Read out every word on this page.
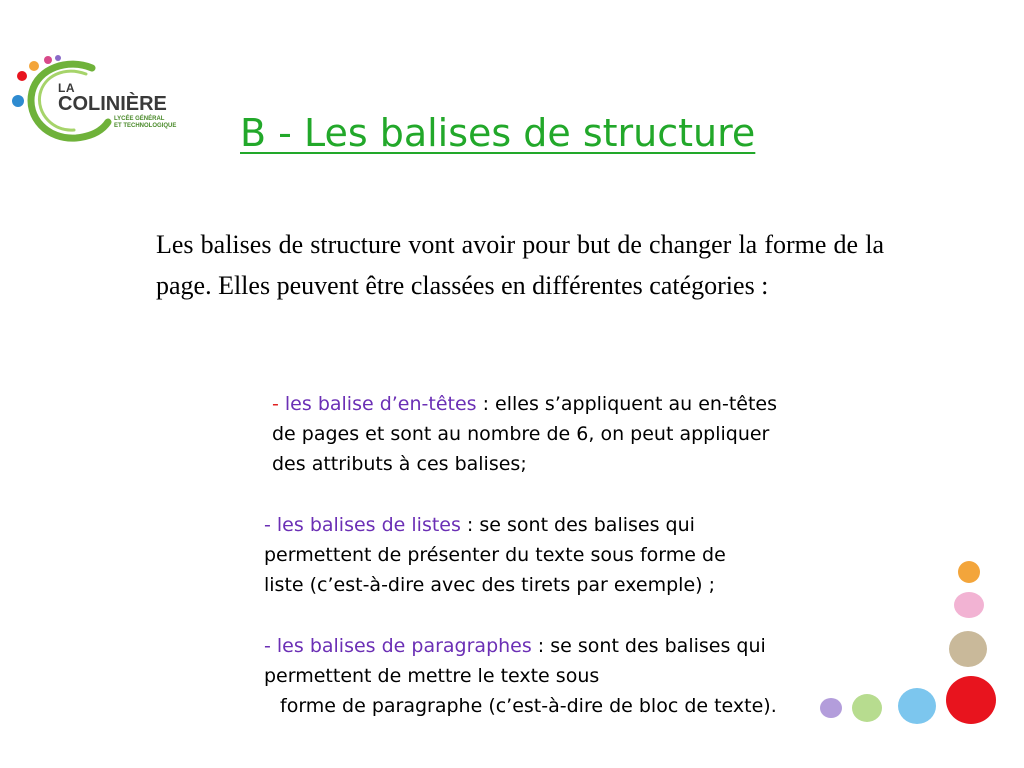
LA
COLINIÈRE
LYCÉE GÉNÉRAL
ET TECHNOLOGIQUE B - Les balises de structure
Les balises de structure vont avoir pour but de changer la forme de la page. Elles peuvent être classées en différentes catégories :
- les balise d’en-têtes : elles s’appliquent au en-têtes
de pages et sont au nombre de 6, on peut appliquer
des attributs à ces balises;
- les balises de listes : se sont des balises qui
permettent de présenter du texte sous forme de
liste (c’est-à-dire avec des tirets par exemple) ;
- les balises de paragraphes : se sont des balises qui
permettent de mettre le texte sous
forme de paragraphe (c’est-à-dire de bloc de texte).
